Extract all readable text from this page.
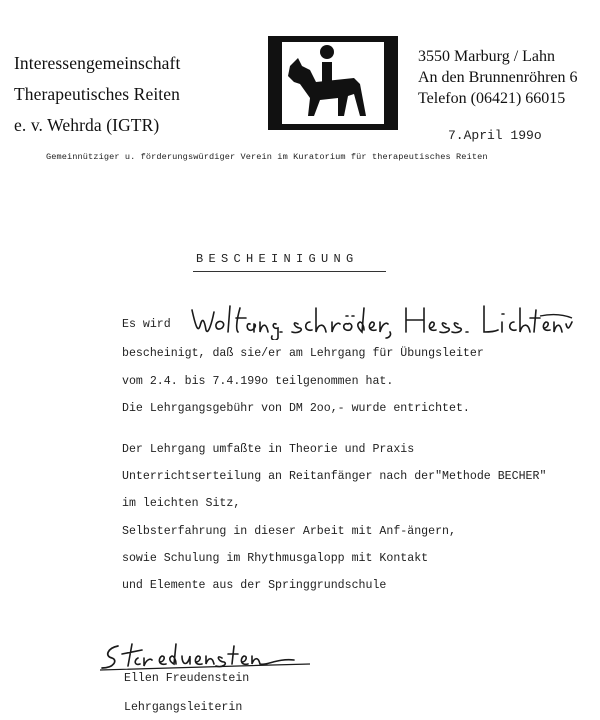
Interessengemeinschaft
Therapeutisches Reiten
e. v. Wehrda (IGTR)
3550 Marburg / Lahn
An den Brunnenröhren 6
Telefon (06421) 66015
7.April 199o
Gemeinnütziger u. förderungswürdiger Verein im Kuratorium für therapeutisches Reiten
BESCHEINIGUNG
Es wird
bescheinigt, daß sie/er am Lehrgang für Übungsleiter
vom 2.4. bis 7.4.199o teilgenommen hat.
Die Lehrgangsgebühr von DM 2oo,- wurde entrichtet.
Der Lehrgang umfaßte in Theorie und Praxis
Unterrichtserteilung an Reitanfänger nach der"Methode BECHER"
im leichten Sitz,
Selbsterfahrung in dieser Arbeit mit Anf-ängern,
sowie Schulung im Rhythmusgalopp mit Kontakt
und Elemente aus der Springgrundschule
Ellen Freudenstein
Lehrgangsleiterin
